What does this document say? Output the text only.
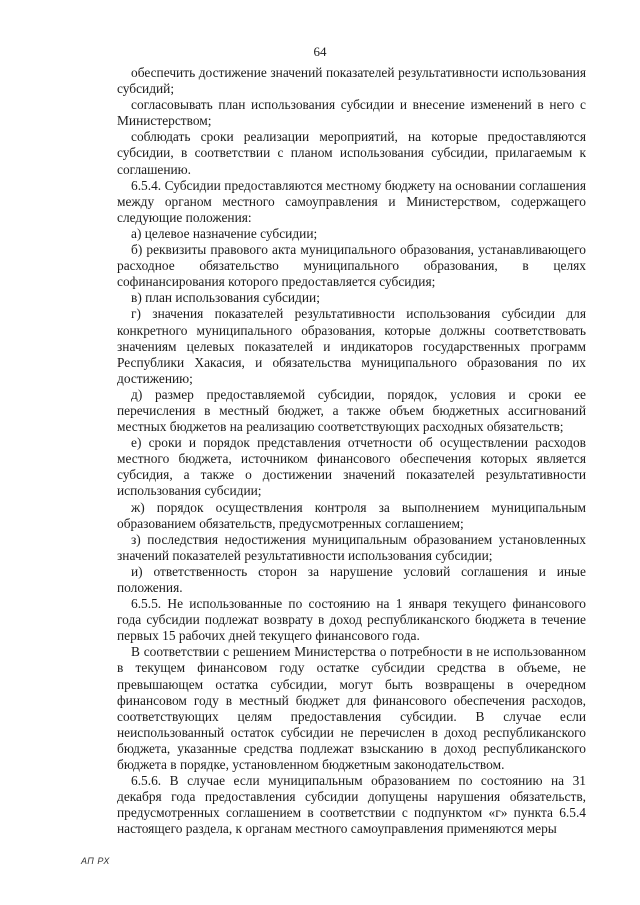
64

обеспечить достижение значений показателей результативности использования субсидий;

согласовывать план использования субсидии и внесение изменений в него с Министерством;

соблюдать сроки реализации мероприятий, на которые предоставляются субсидии, в соответствии с планом использования субсидии, прилагаемым к соглашению.

6.5.4. Субсидии предоставляются местному бюджету на основании соглашения между органом местного самоуправления и Министерством, содержащего следующие положения:

а) целевое назначение субсидии;

б) реквизиты правового акта муниципального образования, устанавливающего расходное обязательство муниципального образования, в целях софинансирования которого предоставляется субсидия;

в) план использования субсидии;

г) значения показателей результативности использования субсидии для конкретного муниципального образования, которые должны соответствовать значениям целевых показателей и индикаторов государственных программ Республики Хакасия, и обязательства муниципального образования по их достижению;

д) размер предоставляемой субсидии, порядок, условия и сроки ее перечисления в местный бюджет, а также объем бюджетных ассигнований местных бюджетов на реализацию соответствующих расходных обязательств;

е) сроки и порядок представления отчетности об осуществлении расходов местного бюджета, источником финансового обеспечения которых является субсидия, а также о достижении значений показателей результативности использования субсидии;

ж) порядок осуществления контроля за выполнением муниципальным образованием обязательств, предусмотренных соглашением;

з) последствия недостижения муниципальным образованием установленных значений показателей результативности использования субсидии;

и) ответственность сторон за нарушение условий соглашения и иные положения.

6.5.5. Не использованные по состоянию на 1 января текущего финансового года субсидии подлежат возврату в доход республиканского бюджета в течение первых 15 рабочих дней текущего финансового года.

В соответствии с решением Министерства о потребности в не использованном в текущем финансовом году остатке субсидии средства в объеме, не превышающем остатка субсидии, могут быть возвращены в очередном финансовом году в местный бюджет для финансового обеспечения расходов, соответствующих целям предоставления субсидии. В случае если неиспользованный остаток субсидии не перечислен в доход республиканского бюджета, указанные средства подлежат взысканию в доход республиканского бюджета в порядке, установленном бюджетным законодательством.

6.5.6. В случае если муниципальным образованием по состоянию на 31 декабря года предоставления субсидии допущены нарушения обязательств, предусмотренных соглашением в соответствии с подпунктом «г» пункта 6.5.4 настоящего раздела, к органам местного самоуправления применяются меры

АП РХ
